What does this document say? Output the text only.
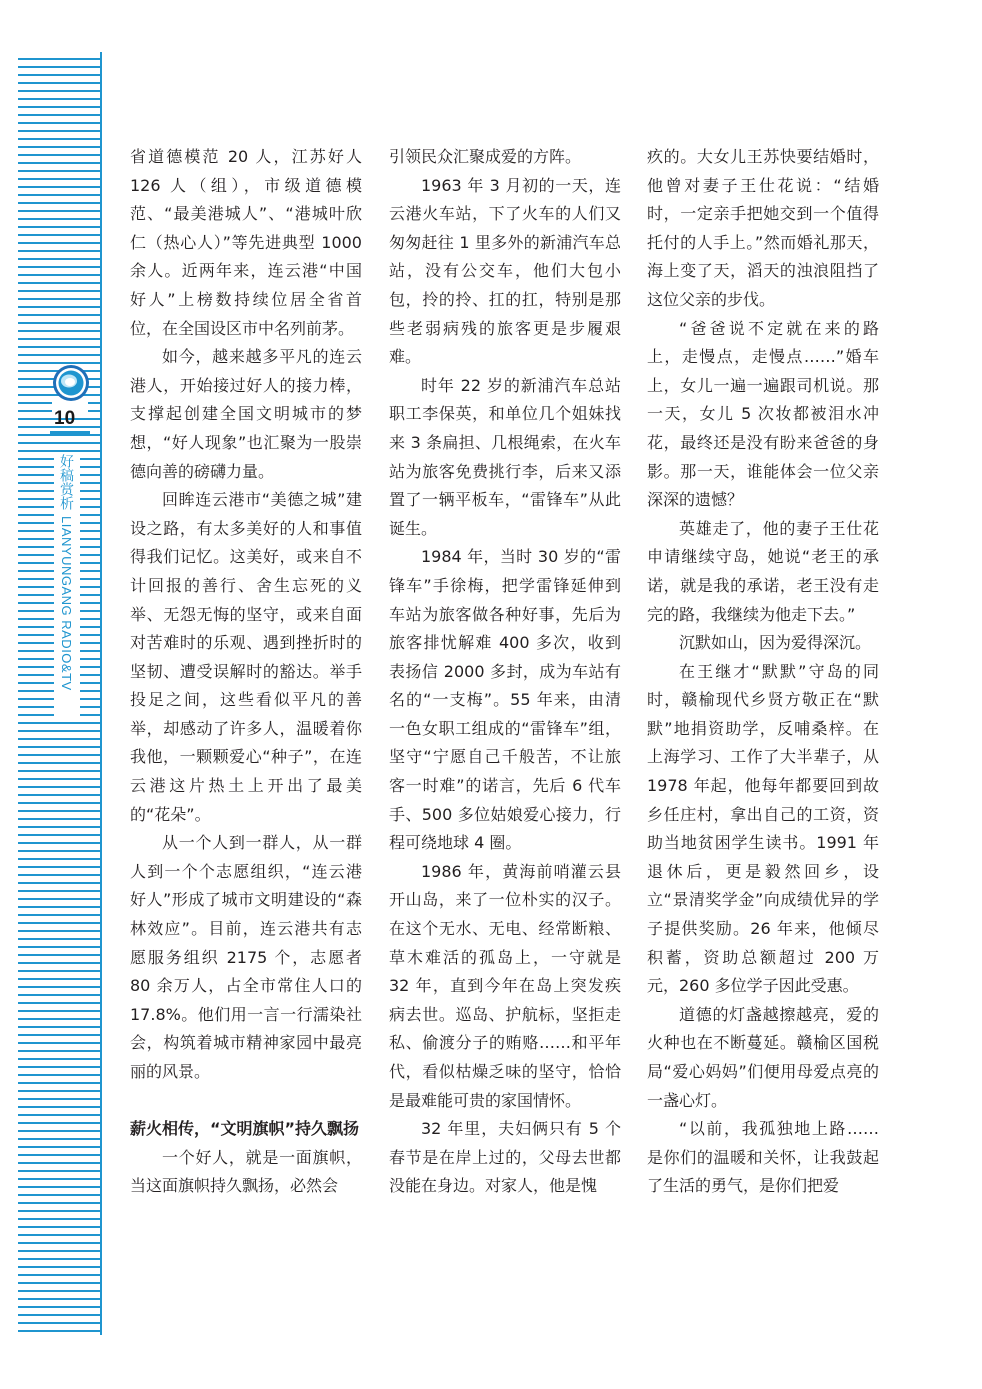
10
好稿赏析LIANYUNGANG RADIO&TV

省道德模范 20 人，江苏好人 126 人（组），市级道德模范、“最美港城人”、“港城叶欣仁（热心人）”等先进典型 1000 余人。近两年来，连云港“中国好人”上榜数持续位居全省首位，在全国设区市中名列前茅。

如今，越来越多平凡的连云港人，开始接过好人的接力棒，支撑起创建全国文明城市的梦想，“好人现象”也汇聚为一股崇德向善的磅礴力量。

回眸连云港市“美德之城”建设之路，有太多美好的人和事值得我们记忆。这美好，或来自不计回报的善行、舍生忘死的义举、无怨无悔的坚守，或来自面对苦难时的乐观、遇到挫折时的坚韧、遭受误解时的豁达。举手投足之间，这些看似平凡的善举，却感动了许多人，温暖着你我他，一颗颗爱心“种子”，在连云港这片热土上开出了最美的“花朵”。

从一个人到一群人，从一群人到一个个志愿组织，“连云港好人”形成了城市文明建设的“森林效应”。目前，连云港共有志愿服务组织 2175 个，志愿者 80 余万人，占全市常住人口的 17.8%。他们用一言一行濡染社会，构筑着城市精神家园中最亮丽的风景。

薪火相传，“文明旗帜”持久飘扬

一个好人，就是一面旗帜，当这面旗帜持久飘扬，必然会

引领民众汇聚成爱的方阵。

1963 年 3 月初的一天，连云港火车站，下了火车的人们又匆匆赶往 1 里多外的新浦汽车总站，没有公交车，他们大包小包，拎的拎、扛的扛，特别是那些老弱病残的旅客更是步履艰难。

时年 22 岁的新浦汽车总站职工李保英，和单位几个姐妹找来 3 条扁担、几根绳索，在火车站为旅客免费挑行李，后来又添置了一辆平板车，“雷锋车”从此诞生。

1984 年，当时 30 岁的“雷锋车”手徐梅，把学雷锋延伸到车站为旅客做各种好事，先后为旅客排忧解难 400 多次，收到表扬信 2000 多封，成为车站有名的“一支梅”。55 年来，由清一色女职工组成的“雷锋车”组，坚守“宁愿自己千般苦，不让旅客一时难”的诺言，先后 6 代车手、500 多位姑娘爱心接力，行程可绕地球 4 圈。

1986 年，黄海前哨灌云县开山岛，来了一位朴实的汉子。在这个无水、无电、经常断粮、草木难活的孤岛上，一守就是 32 年，直到今年在岛上突发疾病去世。巡岛、护航标，坚拒走私、偷渡分子的贿赂……和平年代，看似枯燥乏味的坚守，恰恰是最难能可贵的家国情怀。

32 年里，夫妇俩只有 5 个春节是在岸上过的，父母去世都没能在身边。对家人，他是愧

疚的。大女儿王苏快要结婚时，他曾对妻子王仕花说：“结婚时，一定亲手把她交到一个值得托付的人手上。”然而婚礼那天，海上变了天，滔天的浊浪阻挡了这位父亲的步伐。

“爸爸说不定就在来的路上，走慢点，走慢点……”婚车上，女儿一遍一遍跟司机说。那一天，女儿 5 次妆都被泪水冲花，最终还是没有盼来爸爸的身影。那一天，谁能体会一位父亲深深的遗憾？

英雄走了，他的妻子王仕花申请继续守岛，她说“老王的承诺，就是我的承诺，老王没有走完的路，我继续为他走下去。”

沉默如山，因为爱得深沉。

在王继才“默默”守岛的同时，赣榆现代乡贤方敬正在“默默”地捐资助学，反哺桑梓。在上海学习、工作了大半辈子，从 1978 年起，他每年都要回到故乡任庄村，拿出自己的工资，资助当地贫困学生读书。1991 年退休后，更是毅然回乡，设立“景清奖学金”向成绩优异的学子提供奖励。26 年来，他倾尽积蓄，资助总额超过 200 万元，260 多位学子因此受惠。

道德的灯盏越擦越亮，爱的火种也在不断蔓延。赣榆区国税局“爱心妈妈”们便用母爱点亮的一盏心灯。

“以前，我孤独地上路……是你们的温暖和关怀，让我鼓起了生活的勇气，是你们把爱
